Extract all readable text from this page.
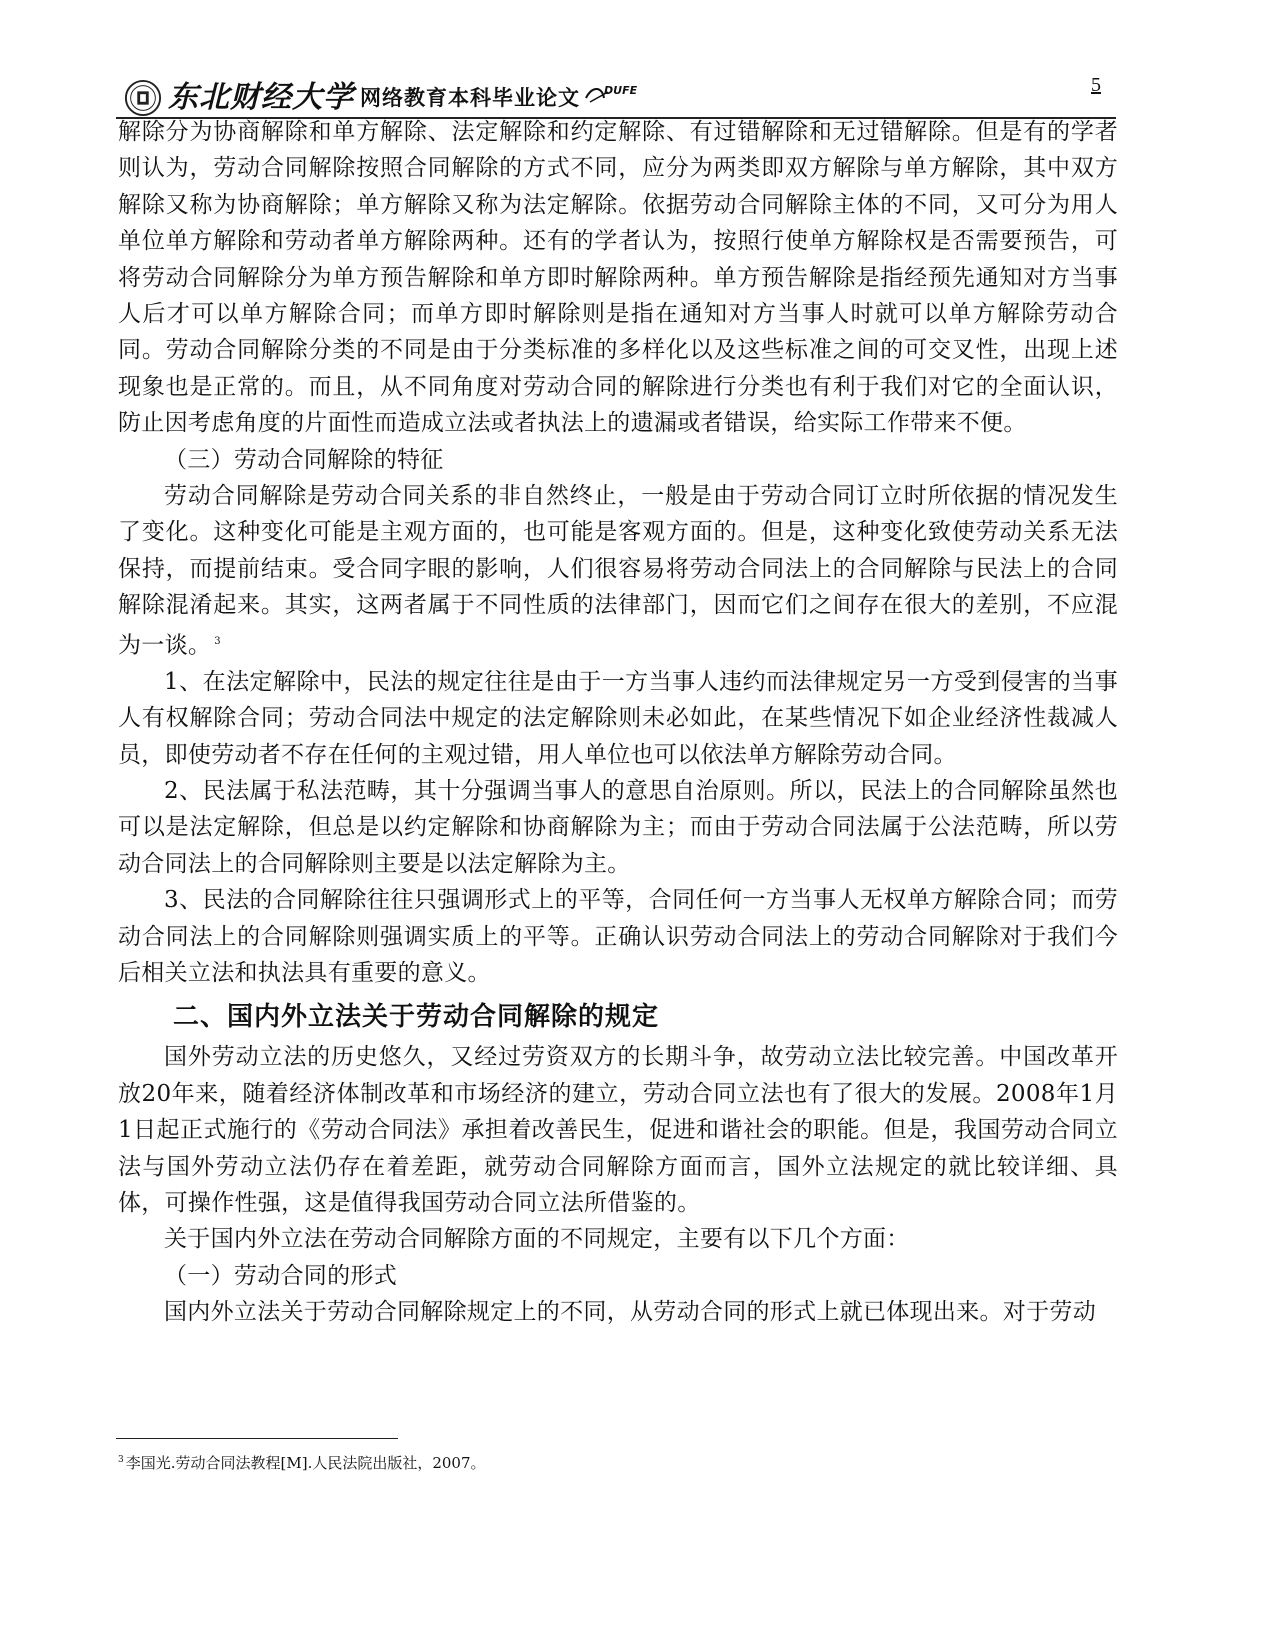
东北财经大学 网络教育本科毕业论文 DUFE	5

解除分为协商解除和单方解除、法定解除和约定解除、有过错解除和无过错解除。但是有的学者则认为，劳动合同解除按照合同解除的方式不同，应分为两类即双方解除与单方解除，其中双方解除又称为协商解除；单方解除又称为法定解除。依据劳动合同解除主体的不同，又可分为用人单位单方解除和劳动者单方解除两种。还有的学者认为，按照行使单方解除权是否需要预告，可将劳动合同解除分为单方预告解除和单方即时解除两种。单方预告解除是指经预先通知对方当事人后才可以单方解除合同；而单方即时解除则是指在通知对方当事人时就可以单方解除劳动合同。劳动合同解除分类的不同是由于分类标准的多样化以及这些标准之间的可交叉性，出现上述现象也是正常的。而且，从不同角度对劳动合同的解除进行分类也有利于我们对它的全面认识，防止因考虑角度的片面性而造成立法或者执法上的遗漏或者错误，给实际工作带来不便。

（三）劳动合同解除的特征

劳动合同解除是劳动合同关系的非自然终止，一般是由于劳动合同订立时所依据的情况发生了变化。这种变化可能是主观方面的，也可能是客观方面的。但是，这种变化致使劳动关系无法保持，而提前结束。受合同字眼的影响，人们很容易将劳动合同法上的合同解除与民法上的合同解除混淆起来。其实，这两者属于不同性质的法律部门，因而它们之间存在很大的差别，不应混为一谈。 $^3$

1、在法定解除中，民法的规定往往是由于一方当事人违约而法律规定另一方受到侵害的当事人有权解除合同；劳动合同法中规定的法定解除则未必如此，在某些情况下如企业经济性裁减人员，即使劳动者不存在任何的主观过错，用人单位也可以依法单方解除劳动合同。

2、民法属于私法范畴，其十分强调当事人的意思自治原则。所以，民法上的合同解除虽然也可以是法定解除，但总是以约定解除和协商解除为主；而由于劳动合同法属于公法范畴，所以劳动合同法上的合同解除则主要是以法定解除为主。

3、民法的合同解除往往只强调形式上的平等，合同任何一方当事人无权单方解除合同；而劳动合同法上的合同解除则强调实质上的平等。正确认识劳动合同法上的劳动合同解除对于我们今后相关立法和执法具有重要的意义。

二、国内外立法关于劳动合同解除的规定

国外劳动立法的历史悠久，又经过劳资双方的长期斗争，故劳动立法比较完善。中国改革开放20年来，随着经济体制改革和市场经济的建立，劳动合同立法也有了很大的发展。2008年1月1日起正式施行的《劳动合同法》承担着改善民生，促进和谐社会的职能。但是，我国劳动合同立法与国外劳动立法仍存在着差距，就劳动合同解除方面而言，国外立法规定的就比较详细、具体，可操作性强，这是值得我国劳动合同立法所借鉴的。

关于国内外立法在劳动合同解除方面的不同规定，主要有以下几个方面：

（一）劳动合同的形式

国内外立法关于劳动合同解除规定上的不同，从劳动合同的形式上就已体现出来。对于劳动

$^3$ 李国光.劳动合同法教程[M].人民法院出版社，2007。
